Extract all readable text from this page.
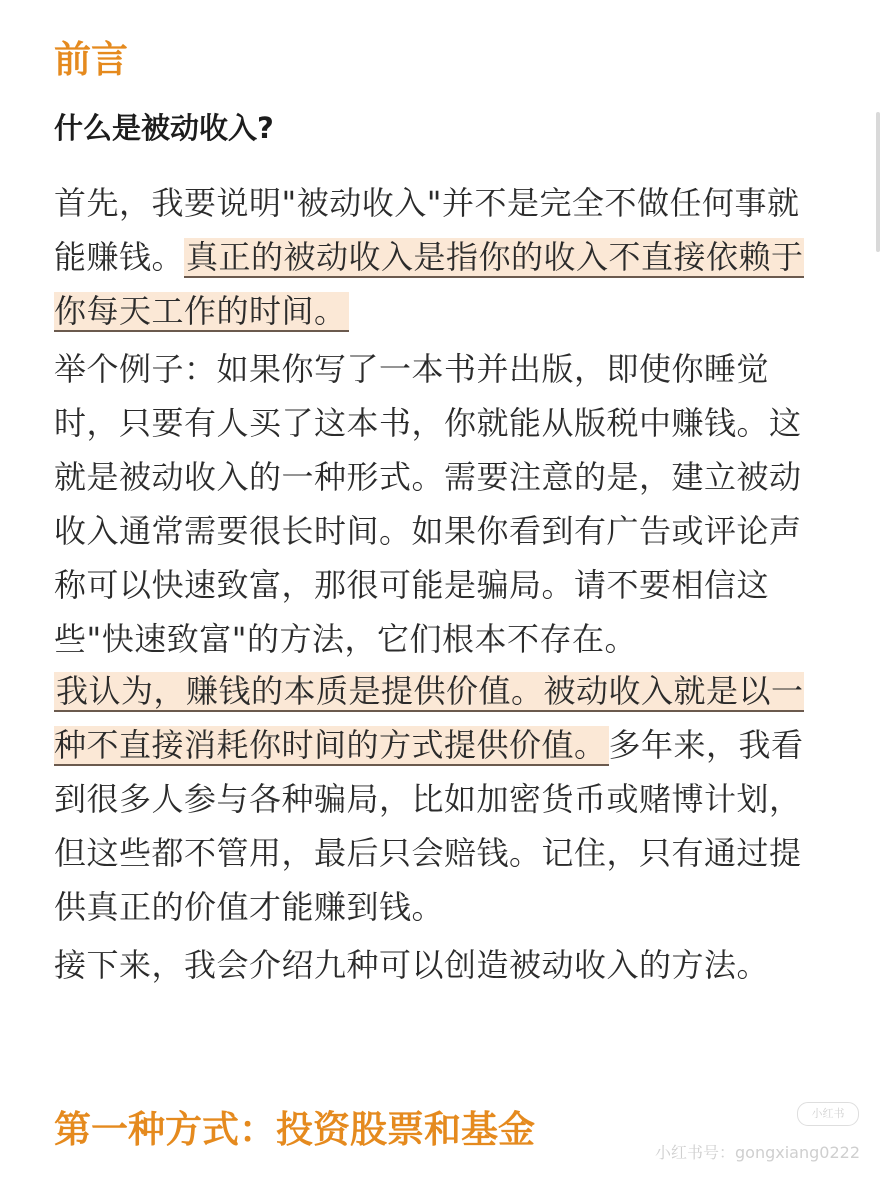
前言
什么是被动收入?
首先，我要说明"被动收入"并不是完全不做任何事就能赚钱。真正的被动收入是指你的收入不直接依赖于你每天工作的时间。
举个例子：如果你写了一本书并出版，即使你睡觉时，只要有人买了这本书，你就能从版税中赚钱。这就是被动收入的一种形式。需要注意的是，建立被动收入通常需要很长时间。如果你看到有广告或评论声称可以快速致富，那很可能是骗局。请不要相信这些"快速致富"的方法，它们根本不存在。
我认为，赚钱的本质是提供价值。被动收入就是以一种不直接消耗你时间的方式提供价值。多年来，我看到很多人参与各种骗局，比如加密货币或赌博计划，但这些都不管用，最后只会赔钱。记住，只有通过提供真正的价值才能赚到钱。
接下来，我会介绍九种可以创造被动收入的方法。
第一种方式：投资股票和基金	小红书
小红书号：gongxiang0222
